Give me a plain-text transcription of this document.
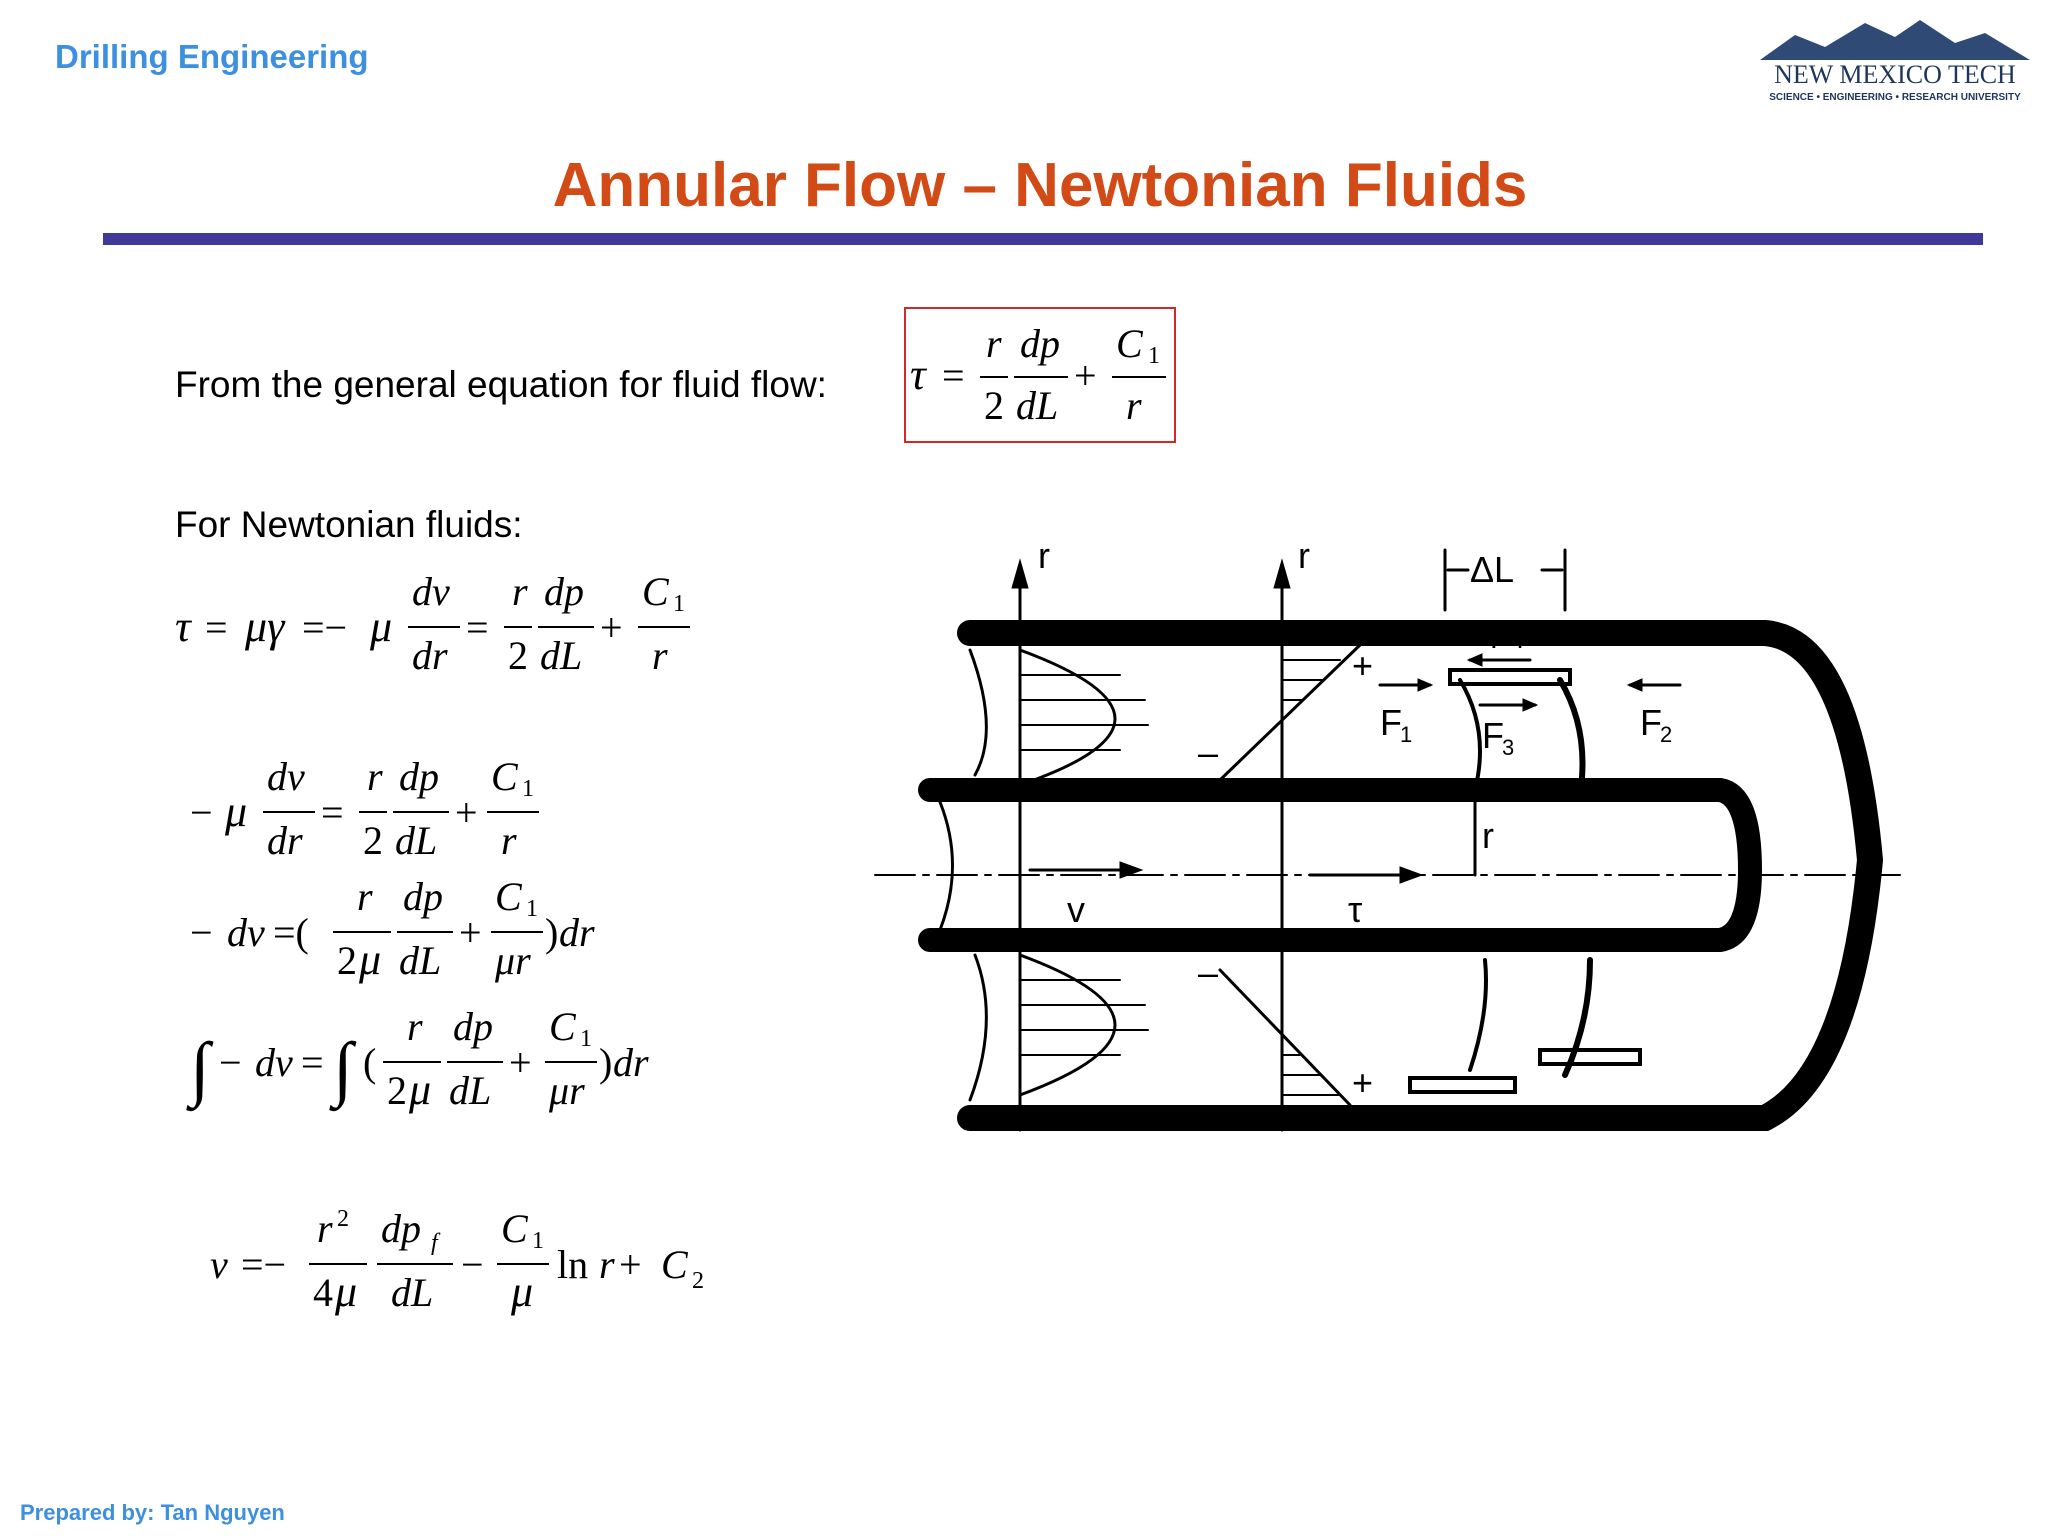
Drilling Engineering	NEW MEXICO TECH
SCIENCE • ENGINEERING • RESEARCH UNIVERSITY
Annular Flow – Newtonian Fluids
From the general equation for fluid flow: τ =
r
2
dp
dL
+
C 1
r
For Newtonian fluids:
τ = μγ =− μ
dv
dr
=
r
2
dp
dL
+
C 1
r
− μ
dv
dr
=
r
2
dp
dL
+
C 1
r
− dv =(
r
2 μ
dp
dL
+
C 1
μr
) dr
∫ − dv = ∫ (
r
2 μ
dp
dL
+
C 1
μr
) dr
v =−
r 2
4 μ
dp f
dL
−
C 1
μ
ln r + C 2
r	r	ΔL
F
1	F
2
F
3
F4
r
v	τ
–
–
+
+
Prepared by: Tan Nguyen
